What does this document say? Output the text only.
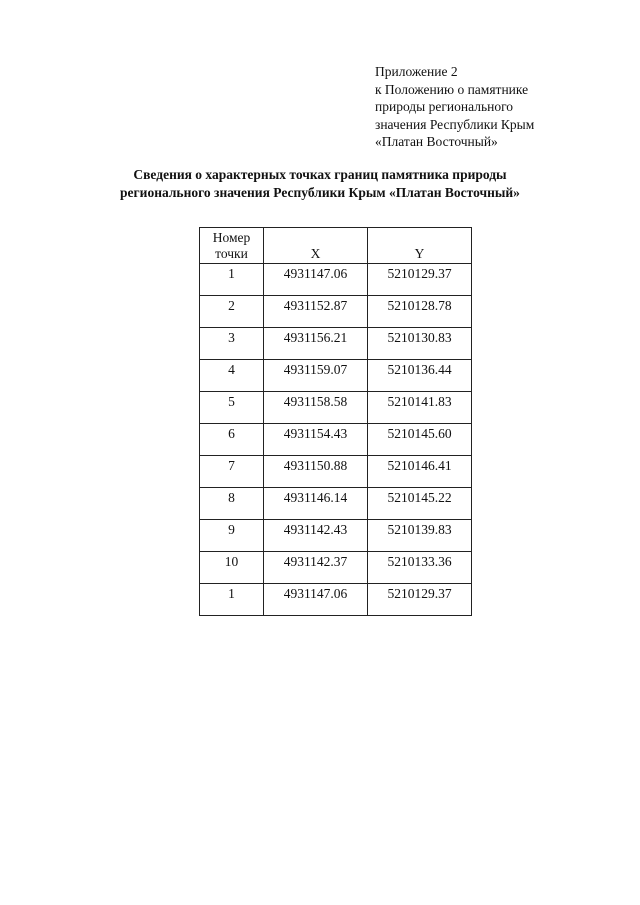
Приложение 2
к Положению о памятнике
природы регионального
значения Республики Крым
«Платан Восточный»
Сведения о характерных точках границ памятника природы
регионального значения Республики Крым «Платан Восточный»
Номер
точки	X	Y
1	4931147.06	5210129.37
2	4931152.87	5210128.78
3	4931156.21	5210130.83
4	4931159.07	5210136.44
5	4931158.58	5210141.83
6	4931154.43	5210145.60
7	4931150.88	5210146.41
8	4931146.14	5210145.22
9	4931142.43	5210139.83
10	4931142.37	5210133.36
1	4931147.06	5210129.37
